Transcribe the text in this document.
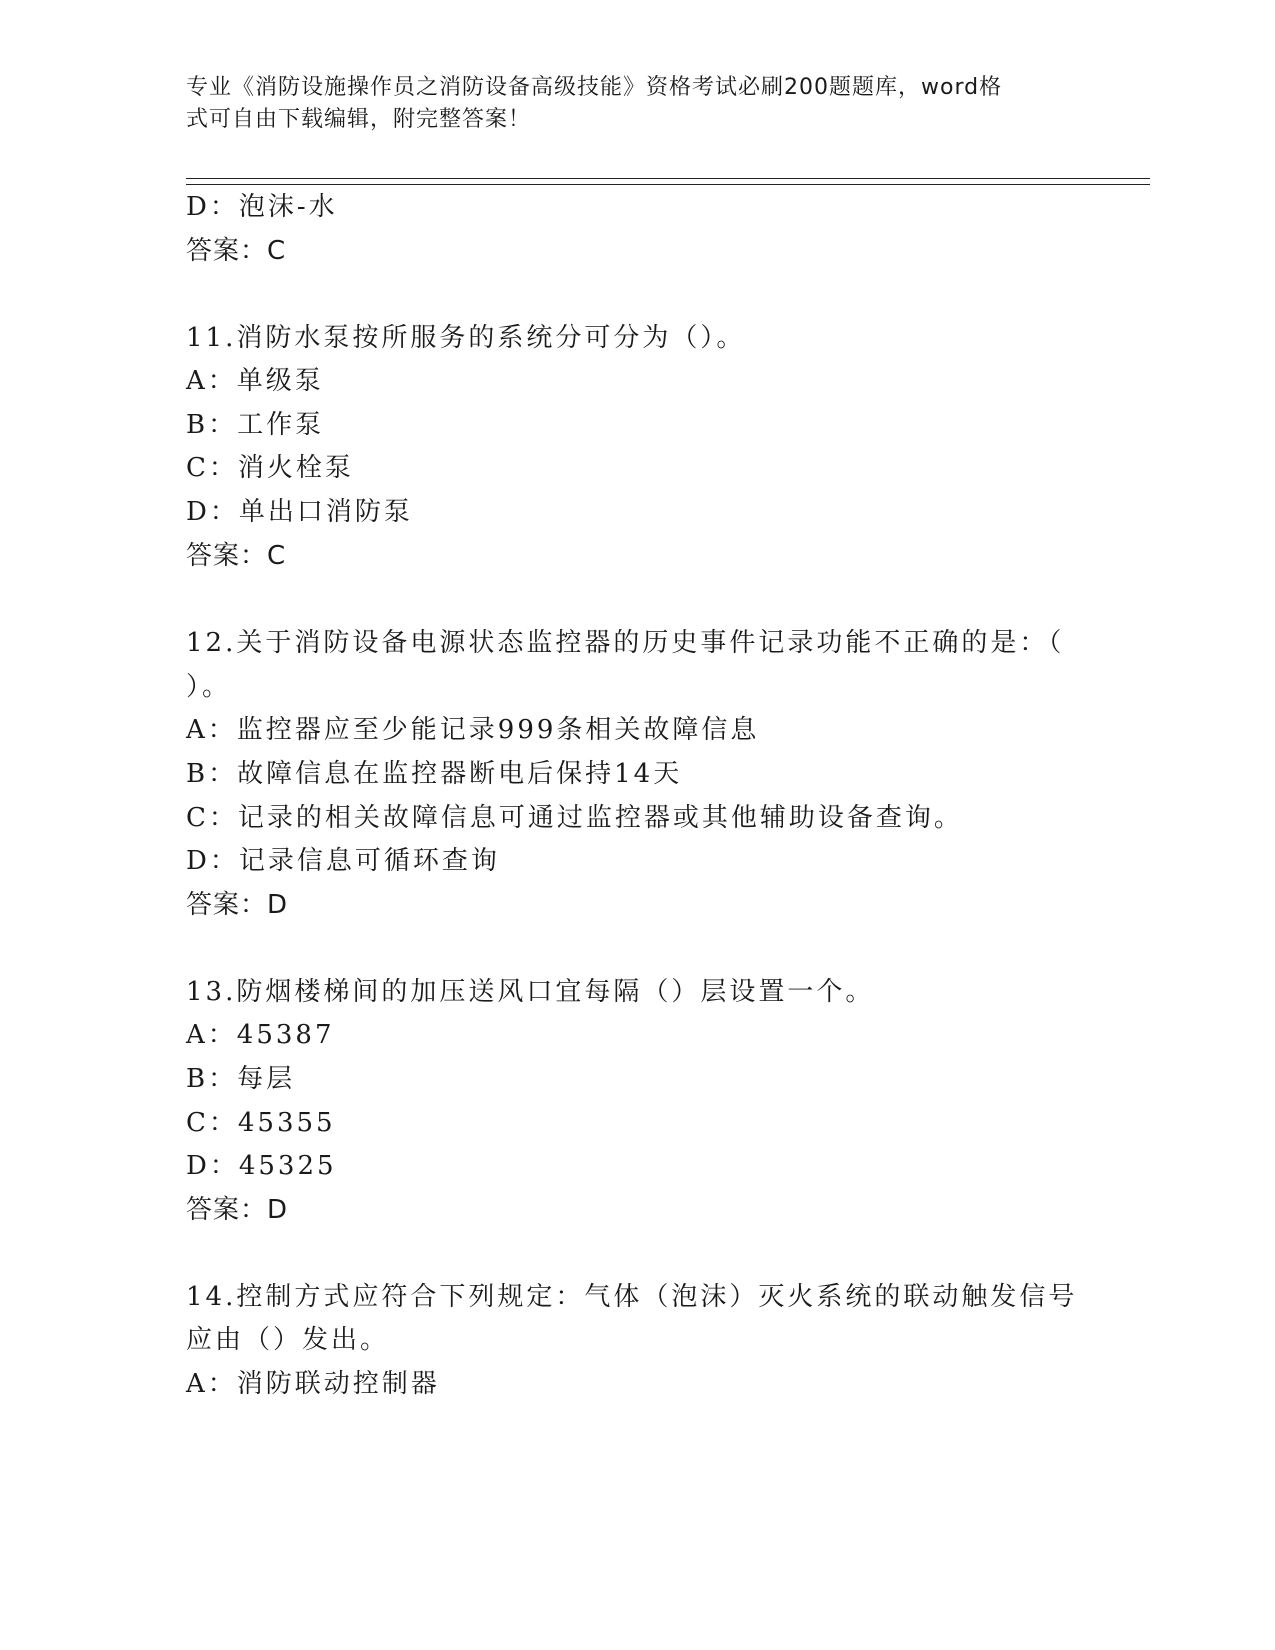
专业《消防设施操作员之消防设备高级技能》资格考试必刷200题题库，word格
式可自由下载编辑，附完整答案！
D：泡沫-水
答案：C
11.消防水泵按所服务的系统分可分为（）。
A：单级泵
B：工作泵
C：消火栓泵
D：单出口消防泵
答案：C
12.关于消防设备电源状态监控器的历史事件记录功能不正确的是：（
）。
A：监控器应至少能记录999条相关故障信息
B：故障信息在监控器断电后保持14天
C：记录的相关故障信息可通过监控器或其他辅助设备查询。
D：记录信息可循环查询
答案：D
13.防烟楼梯间的加压送风口宜每隔（）层设置一个。
A：45387
B：每层
C：45355
D：45325
答案：D
14.控制方式应符合下列规定：气体（泡沫）灭火系统的联动触发信号
应由（）发出。
A：消防联动控制器
